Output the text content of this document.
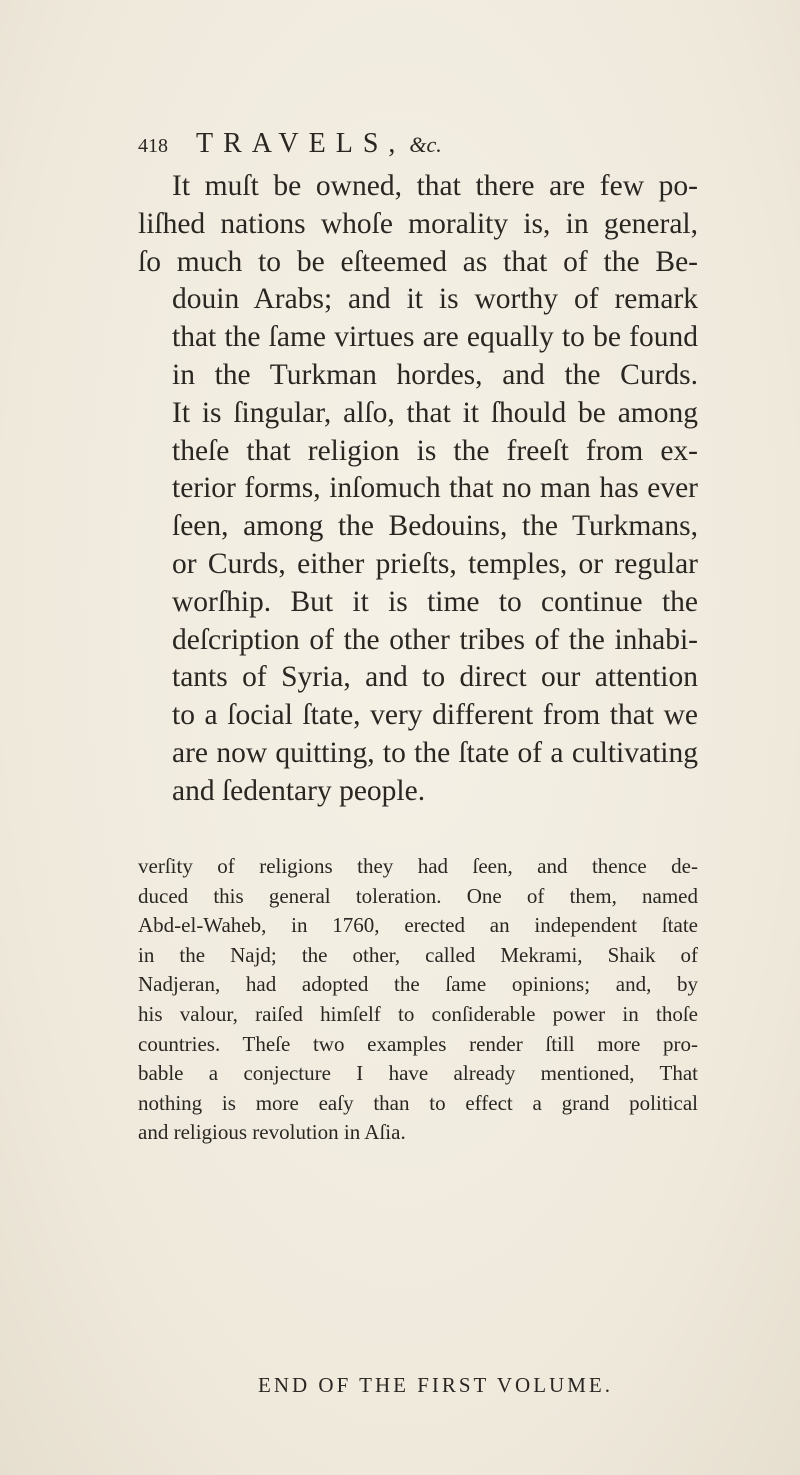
418	TRAVELS, &c.
It muſt be owned, that there are few po-
liſhed nations whoſe morality is, in general,
ſo much to be eſteemed as that of the Be-
douin Arabs; and it is worthy of remark
that the ſame virtues are equally to be found
in the Turkman hordes, and the Curds.
It is ſingular, alſo, that it ſhould be among
theſe that religion is the freeſt from ex-
terior forms, inſomuch that no man has ever
ſeen, among the Bedouins, the Turkmans,
or Curds, either prieſts, temples, or regular
worſhip. But it is time to continue the
deſcription of the other tribes of the inhabi-
tants of Syria, and to direct our attention
to a ſocial ſtate, very different from that we
are now quitting, to the ſtate of a cultivating
and ſedentary people.
verſity of religions they had ſeen, and thence de-
duced this general toleration. One of them, named
Abd-el-Waheb, in 1760, erected an independent ſtate
in the Najd; the other, called Mekrami, Shaik of
Nadjeran, had adopted the ſame opinions; and, by
his valour, raiſed himſelf to conſiderable power in thoſe
countries. Theſe two examples render ſtill more pro-
bable a conjecture I have already mentioned, That
nothing is more eaſy than to effect a grand political
and religious revolution in Aſia.
END OF THE FIRST VOLUME.
